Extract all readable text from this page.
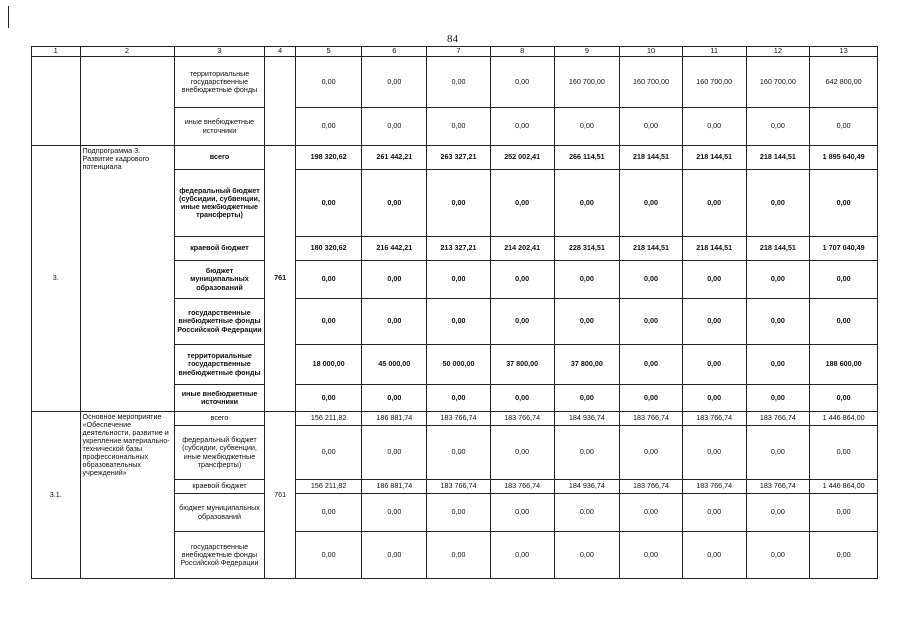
84
1	2	3	4	5	6	7	8	9	10	11	12	13
		территориальные государственные внебюджетные фонды		0,00	0,00	0,00	0,00	160 700,00	160 700,00	160 700,00	160 700,00	642 800,00
		иные внебюджетные источники		0,00	0,00	0,00	0,00	0,00	0,00	0,00	0,00	0,00
3.	Подпрограмма 3. Развитие кадрового потенциала	всего	761	198 320,62	261 442,21	263 327,21	252 002,41	266 114,51	218 144,51	218 144,51	218 144,51	1 895 640,49
		федеральный бюджет (субсидии, субвенции, иные межбюджетные трансферты)		0,00	0,00	0,00	0,00	0,00	0,00	0,00	0,00	0,00
		краевой бюджет		180 320,62	216 442,21	213 327,21	214 202,41	228 314,51	218 144,51	218 144,51	218 144,51	1 707 040,49
		бюджет муниципальных образований		0,00	0,00	0,00	0,00	0,00	0,00	0,00	0,00	0,00
		государственные внебюджетные фонды Российской Федерации		0,00	0,00	0,00	0,00	0,00	0,00	0,00	0,00	0,00
		территориальные государственные внебюджетные фонды		18 000,00	45 000,00	50 000,00	37 800,00	37 800,00	0,00	0,00	0,00	188 600,00
		иные внебюджетные источники		0,00	0,00	0,00	0,00	0,00	0,00	0,00	0,00	0,00
3.1.	Основное мероприятие «Обеспечение деятельности, развитие и укрепление материально-технической базы профессиональных образовательных учреждений»	всего	761	156 211,82	186 881,74	183 766,74	183 766,74	184 936,74	183 766,74	183 766,74	183 766,74	1 446 864,00
		федеральный бюджет (субсидии, субвенции, иные межбюджетные трансферты)		0,00	0,00	0,00	0,00	0,00	0,00	0,00	0,00	0,00
		краевой бюджет		156 211,82	186 881,74	183 766,74	183 766,74	184 936,74	183 766,74	183 766,74	183 766,74	1 446 864,00
		бюджет муниципальных образований		0,00	0,00	0,00	0,00	0,00	0,00	0,00	0,00	0,00
		государственные внебюджетные фонды Российской Федерации		0,00	0,00	0,00	0,00	0,00	0,00	0,00	0,00	0,00
